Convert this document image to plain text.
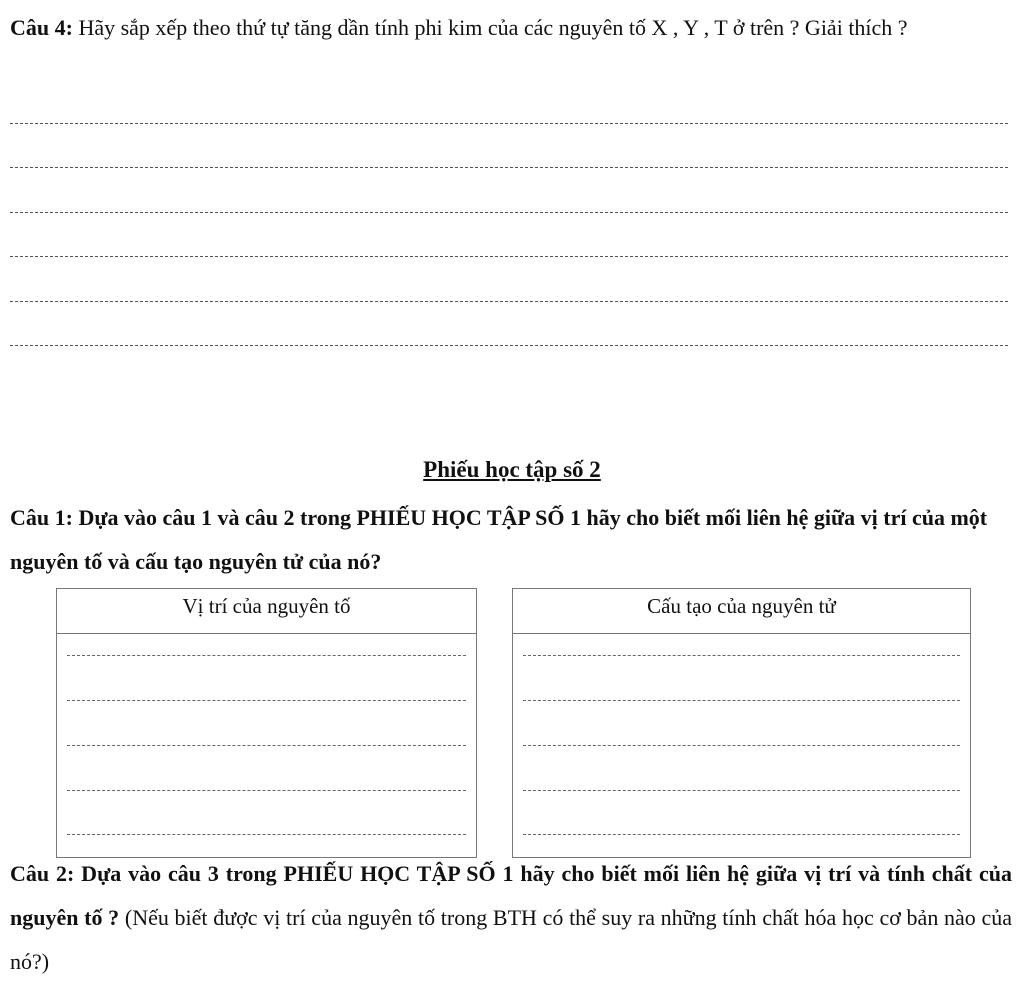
Câu 4: Hãy sắp xếp theo thứ tự tăng dần tính phi kim của các nguyên tố X , Y , T ở trên ? Giải thích ?

Phiếu học tập số 2

Câu 1: Dựa vào câu 1 và câu 2 trong PHIẾU HỌC TẬP SỐ 1 hãy cho biết mối liên hệ giữa vị trí của một nguyên tố và cấu tạo nguyên tử của nó?

Vị trí của nguyên tố	Cấu tạo của nguyên tử

Câu 2: Dựa vào câu 3 trong PHIẾU HỌC TẬP SỐ 1 hãy cho biết mối liên hệ giữa vị trí và tính chất của nguyên tố ? (Nếu biết được vị trí của nguyên tố trong BTH có thể suy ra những tính chất hóa học cơ bản nào của nó?)
